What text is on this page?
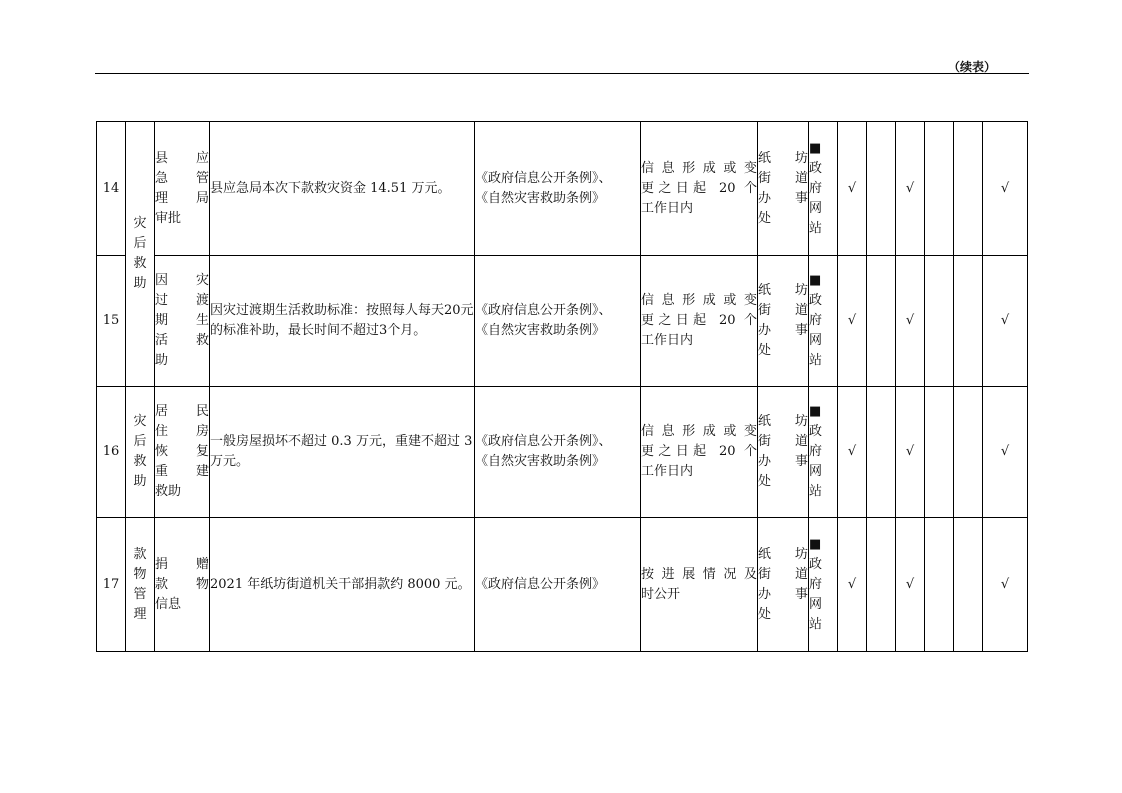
（续表）
14	灾
后
救
助	县 应
急 管
理 局
审批	县应急局本次下款救灾资金 14.51 万元。	《政府信息公开条例》、
《自然灾害救助条例》	信息形成或变
更之日起 20 个
工作日内	纸 坊
街 道
办 事
处	■
政
府
网
站	√		√			√
15		因 灾
过 渡
期 生
活 救
助	因灾过渡期生活救助标准：按照每人每天20元的标准补助，最长时间不超过3个月。	《政府信息公开条例》、
《自然灾害救助条例》	信息形成或变
更之日起 20 个
工作日内	纸 坊
街 道
办 事
处	■
政
府
网
站	√		√			√
16	灾
后
救
助	居 民
住 房
恢 复
重 建
救助	一般房屋损坏不超过 0.3 万元，重建不超过 3 万元。	《政府信息公开条例》、
《自然灾害救助条例》	信息形成或变
更之日起 20 个
工作日内	纸 坊
街 道
办 事
处	■
政
府
网
站	√		√			√
17	款
物
管
理	捐 赠
款 物
信息	2021 年纸坊街道机关干部捐款约 8000 元。	《政府信息公开条例》	按进展情况及
时公开	纸 坊
街 道
办 事
处	■
政
府
网
站	√		√			√
